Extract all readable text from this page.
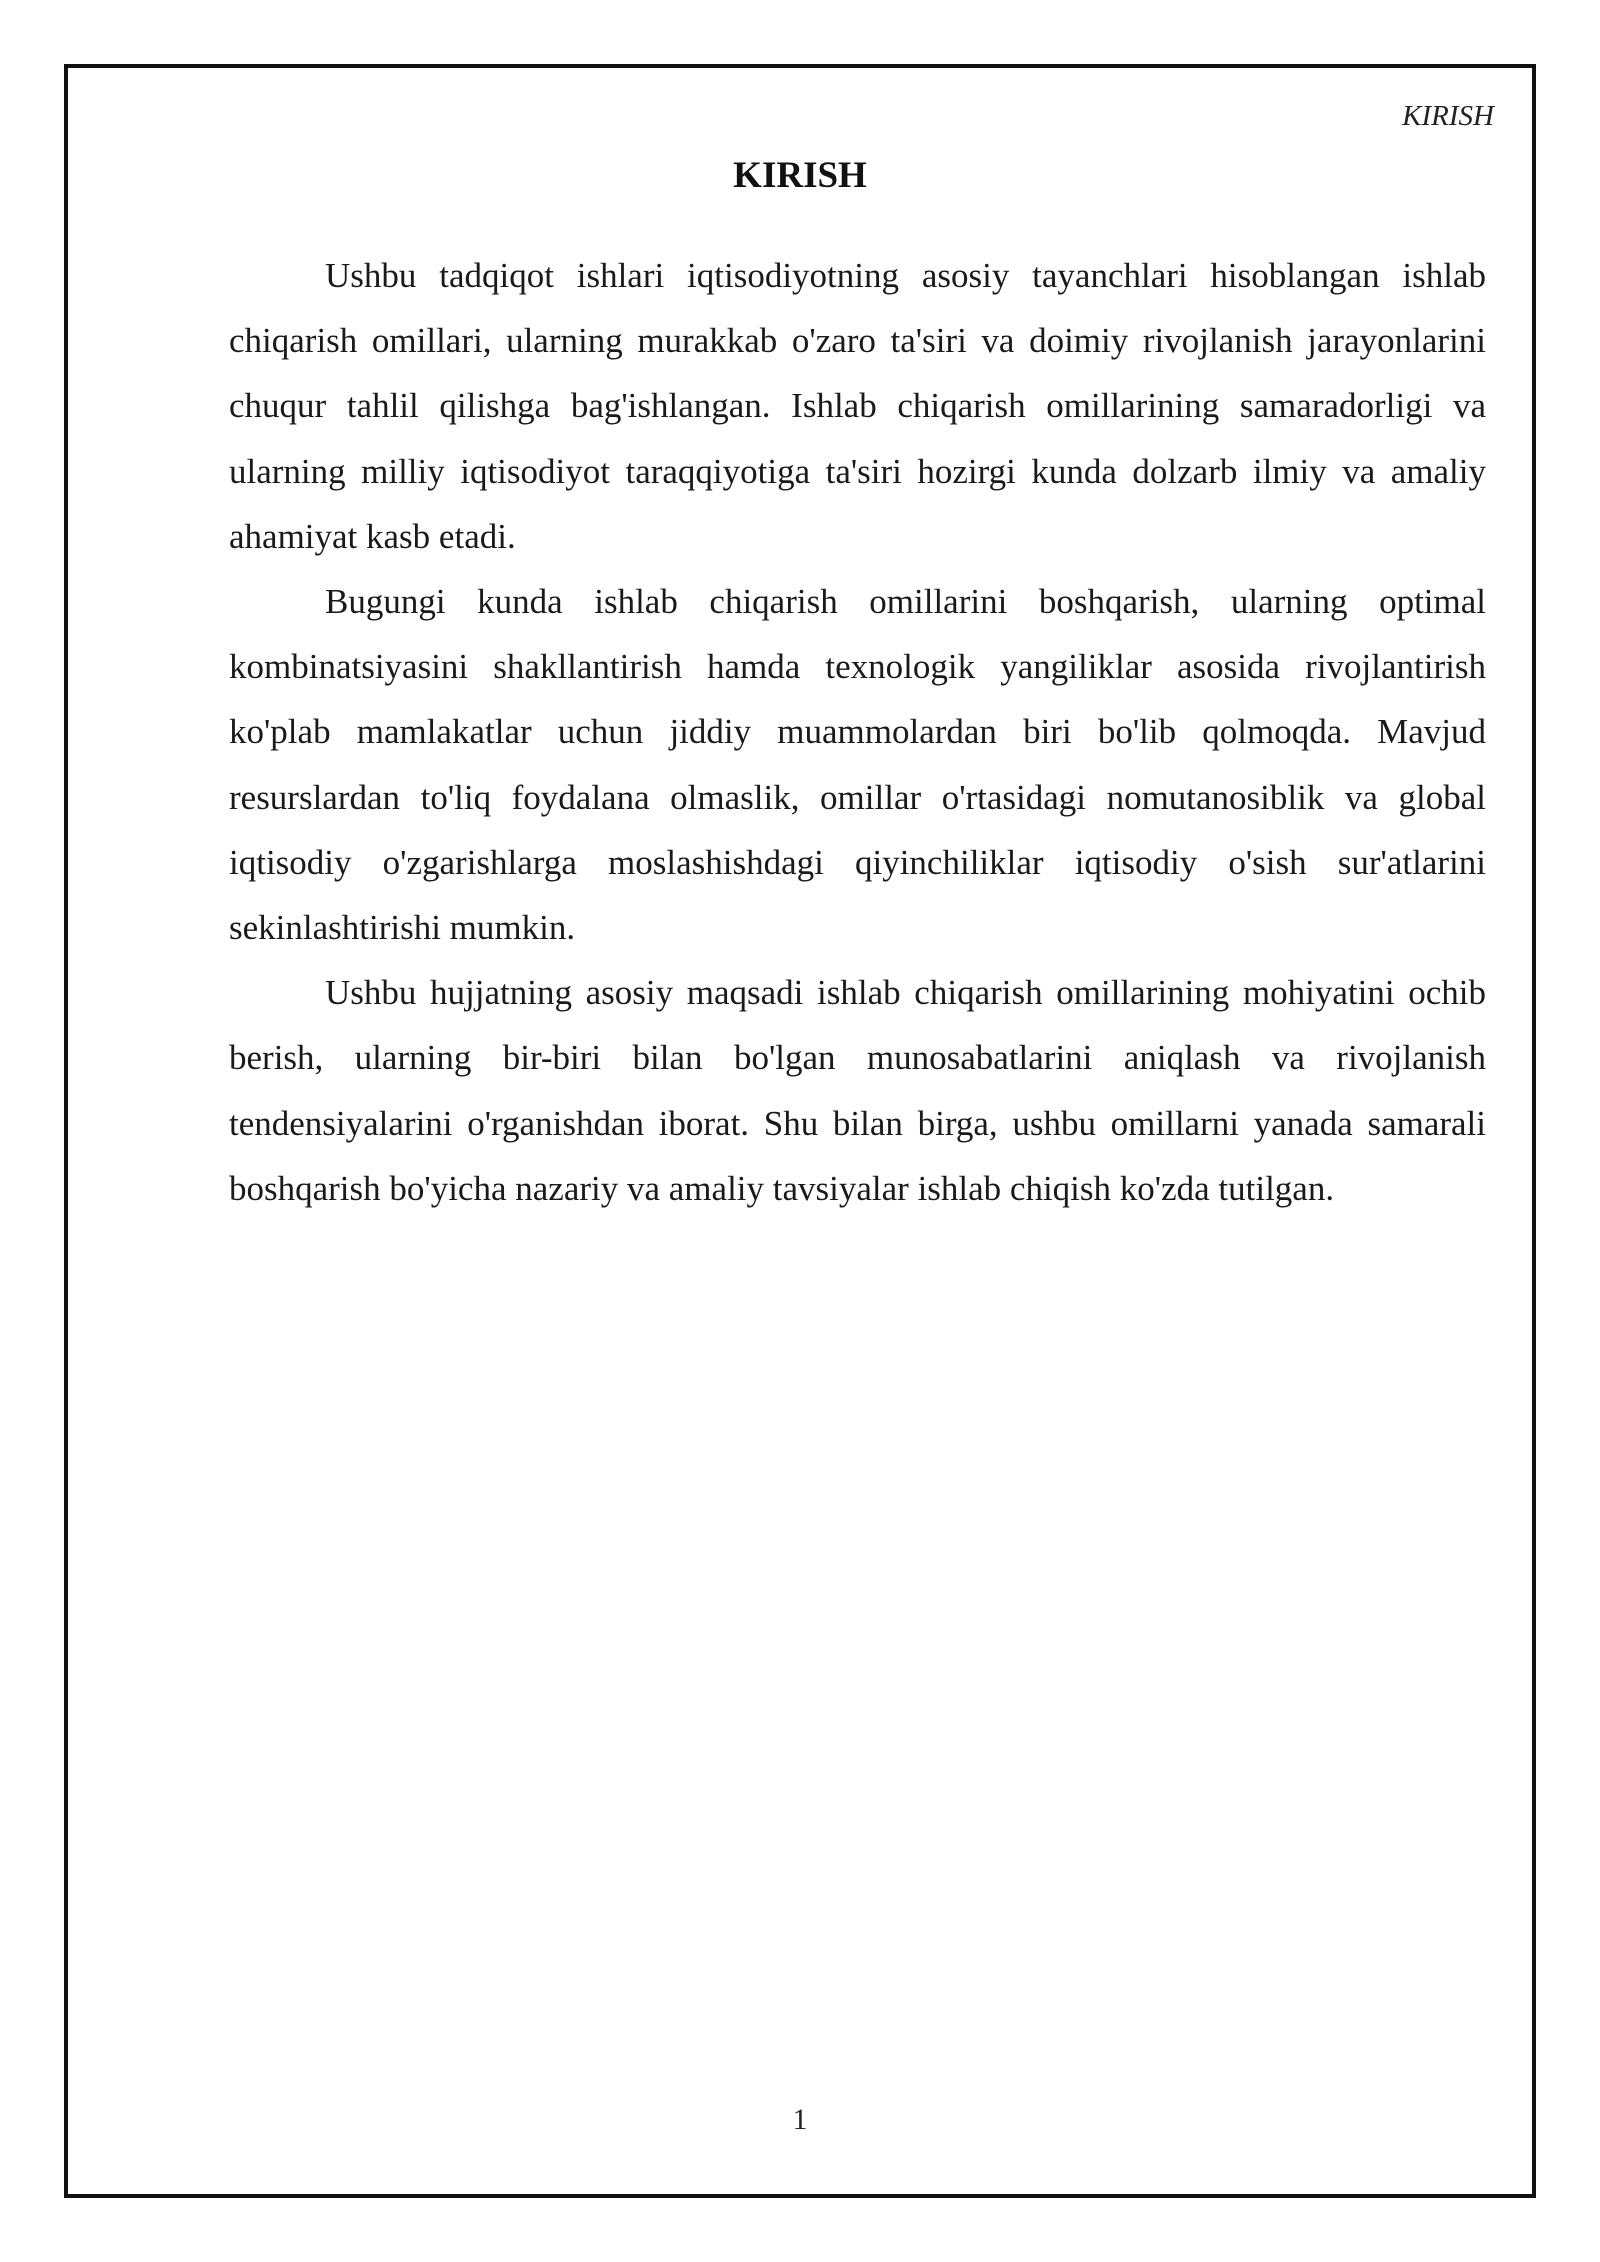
KIRISH
KIRISH

Ushbu tadqiqot ishlari iqtisodiyotning asosiy tayanchlari hisoblangan ishlab chiqarish omillari, ularning murakkab o'zaro ta'siri va doimiy rivojlanish jarayonlarini chuqur tahlil qilishga bag'ishlangan. Ishlab chiqarish omillarining samaradorligi va ularning milliy iqtisodiyot taraqqiyotiga ta'siri hozirgi kunda dolzarb ilmiy va amaliy ahamiyat kasb etadi.

Bugungi kunda ishlab chiqarish omillarini boshqarish, ularning optimal kombinatsiyasini shakllantirish hamda texnologik yangiliklar asosida rivojlantirish ko'plab mamlakatlar uchun jiddiy muammolardan biri bo'lib qolmoqda. Mavjud resurslardan to'liq foydalana olmaslik, omillar o'rtasidagi nomutanosiblik va global iqtisodiy o'zgarishlarga moslashishdagi qiyinchiliklar iqtisodiy o'sish sur'atlarini sekinlashtirishi mumkin.

Ushbu hujjatning asosiy maqsadi ishlab chiqarish omillarining mohiyatini ochib berish, ularning bir-biri bilan bo'lgan munosabatlarini aniqlash va rivojlanish tendensiyalarini o'rganishdan iborat. Shu bilan birga, ushbu omillarni yanada samarali boshqarish bo'yicha nazariy va amaliy tavsiyalar ishlab chiqish ko'zda tutilgan.

1
